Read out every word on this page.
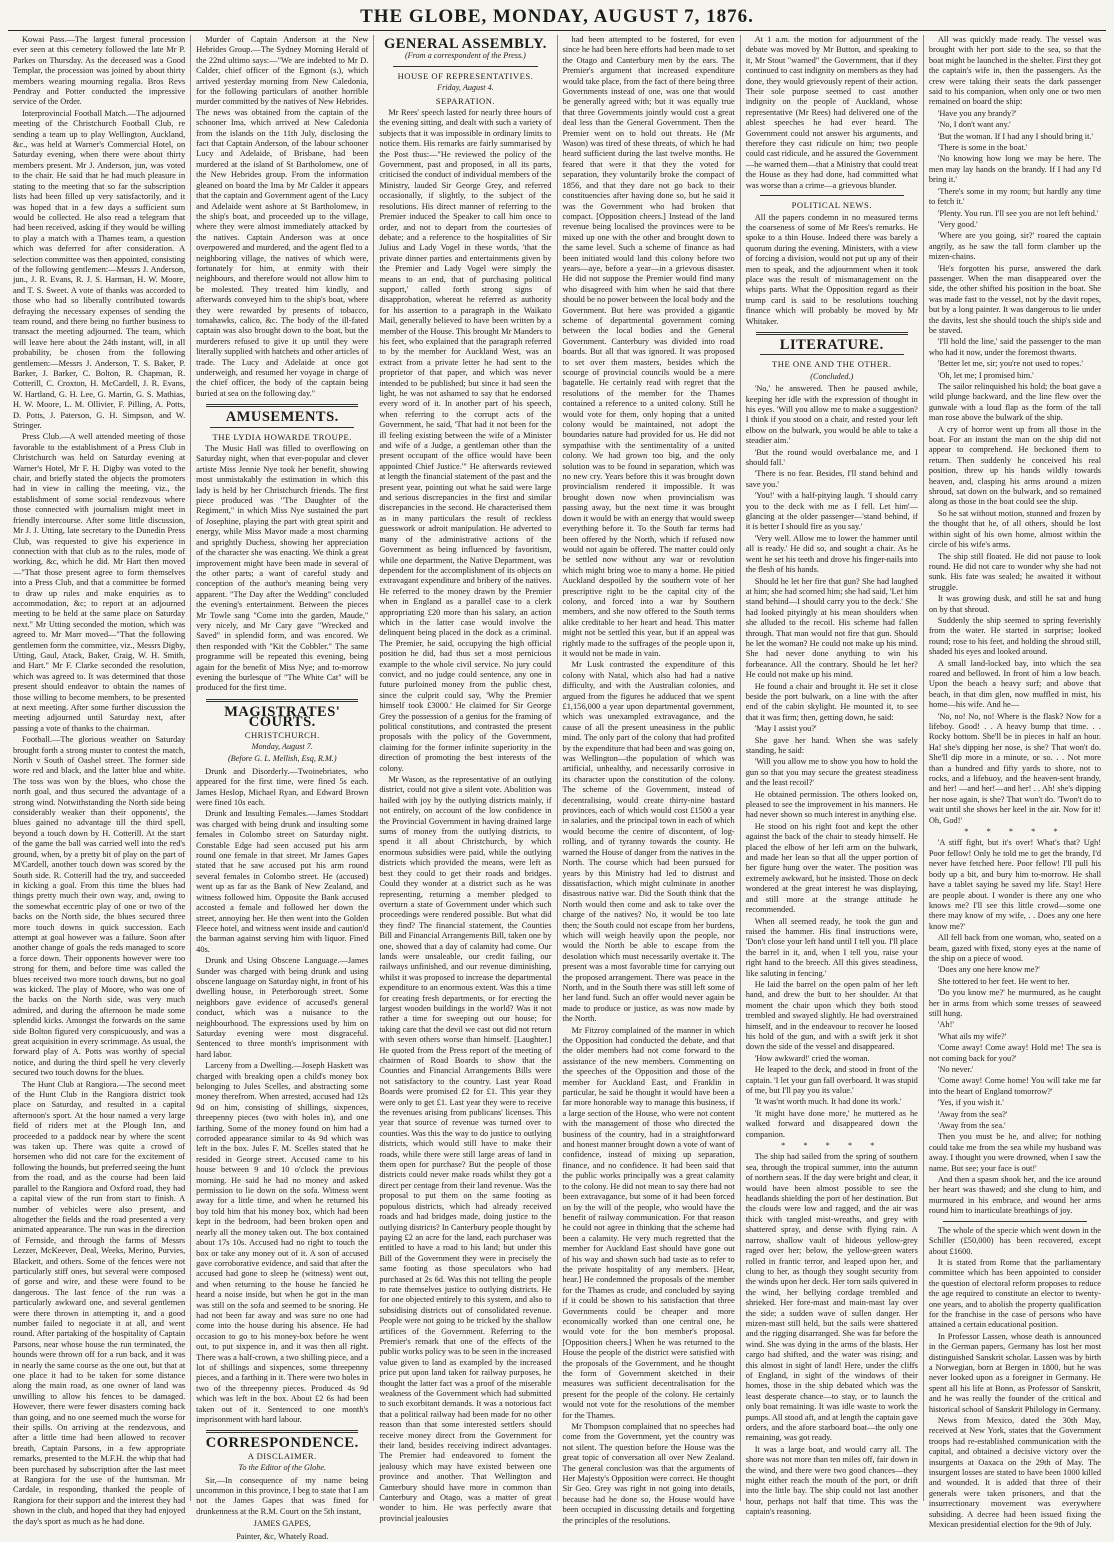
THE GLOBE, MONDAY, AUGUST 7, 1876.

Kowai Pass.—The largest funeral procession ever seen at this cemetery followed the late Mr P. Parkes on Thursday. As the deceased was a Good Templar, the procession was joined by about thirty members wearing mourning regalia. Bros Revs Pendray and Potter conducted the impressive service of the Order.

Interprovincial Football Match.—The adjourned meeting of the Christchurch Football Club, re sending a team up to play Wellington, Auckland, &c., was held at Warner's Commercial Hotel, on Saturday evening, when there were about thirty members present. Mr J. Anderson, jun, was voted to the chair. He said that he had much pleasure in stating to the meeting that so far the subscription lists had been filled up very satisfactorily, and it was hoped that in a few days a sufficient sum would be collected. He also read a telegram that had been received, asking if they would be willing to play a match with a Thames team, a question which was deferred for after consideration. A selection committee was then appointed, consisting of the following gentlemen:—Messrs J. Anderson, jun., J. R. Evans, R. J. S. Harman, H. W. Moore, and T. S. Sweet. A vote of thanks was accorded to those who had so liberally contributed towards defraying the necessary expenses of sending the team round, and there being no further business to transact the meeting adjourned. The team, which will leave here about the 24th instant, will, in all probability, be chosen from the following gentlemen:—Messrs J. Anderson, T. S. Baker, P. Barker, J. Barker, C. Bolton, R. Chapman, R. Cotterill, C. Croxton, H. McCardell, J. R. Evans, W. Hartland, G. H. Lee, G. Martin, G. S. Mathias, H. W. Moore, L. M. Ollivier, F. Pilling, A. Potts, D. Potts, J. Paterson, G. H. Simpson, and W. Stringer.

Press Club.—A well attended meeting of those favorable to the establishment of a Press Club in Christchurch was held on Saturday evening at Warner's Hotel, Mr F. H. Digby was voted to the chair, and briefly stated the objects the promoters had in view in calling the meeting, viz., the establishment of some social rendezvous where those connected with journalism might meet in friendly intercourse. After some little discussion, Mr J. J. Utting, late secretary to the Dunedin Press Club, was requested to give his experience in connection with that club as to the rules, mode of working, &c, which he did. Mr Hart then moved—"That those present agree to form themselves into a Press Club, and that a committee be formed to draw up rules and make enquiries as to accommodation, &c; to report at an adjourned meeting to be held at the same place on Saturday next." Mr Utting seconded the motion, which was agreed to. Mr Marr moved—"That the following gentlemen form the committee, viz., Messrs Digby, Utting, Gaul, Atack, Baker, Craig, W. H. Smith, and Hart." Mr F. Clarke seconded the resolution, which was agreed to. It was determined that those present should endeavor to obtain the names of those willing to become members, to be presented at next meeting. After some further discussion the meeting adjourned until Saturday next, after passing a vote of thanks to the chairman.

Football.—The glorious weather on Saturday brought forth a strong muster to contest the match, North v South of Oashel street. The former side wore red and black, and the latter blue and white. The toss was won by the blues, who chose the north goal, and thus secured the advantage of a strong wind. Notwithstanding the North side being considerably weaker than their opponents', the blues gained no advantage till the third spell, beyond a touch down by H. Cotterill. At the start of the game the ball was carried well into the red's ground, when, by a pretty bit of play on the part of M'Cardell, another touch down was scored by the South side. R. Cotterill had the try, and succeeded in kicking a goal. From this time the blues had things pretty much their own way, and, owing to the somewhat eccentric play of one or two of the backs on the North side, the blues secured three more touch downs in quick succession. Each attempt at goal however was a failure. Soon after another change of goals the reds managed to score a force down. Their opponents however were too strong for them, and before time was called the blues received two more touch downs, but no goal was kicked. The play of Moore, who was one of the backs on the North side, was very much admired, and during the afternoon he made some splendid kicks. Amongst the forwards on the same side Bolton figured very conspicuously, and was a great acquisition in every scrimmage. As usual, the forward play of A. Potts was worthy of special notice, and during the third spell he very cleverly secured two touch downs for the blues.

The Hunt Club at Rangiora.—The second meet of the Hunt Club in the Rangiora district took place on Saturday, and resulted in a capital afternoon's sport. At the hour named a very large field of riders met at the Plough Inn, and proceeded to a paddock near by where the scent was taken up. There was quite a crowd of horsemen who did not care for the excitement of following the hounds, but preferred seeing the hunt from the road, and as the course had been laid parallel to the Rangiora and Oxford road, they had a capital view of the run from start to finish. A number of vehicles were also present, and altogether the fields and the road presented a very animated appearance. The run was in the direction of Fernside, and through the farms of Messrs Lezzer, McKeever, Deal, Weeks, Merino, Purvies, Blackett, and others. Some of the fences were not particularly stiff ones, but several were composed of gorse and wire, and these were found to be dangerous. The last fence of the run was a particularly awkward one, and several gentlemen were there thrown in attempting it, and a good number failed to negociate it at all, and went round. After partaking of the hospitality of Captain Parsons, near whose house the run terminated, the hounds were thrown off for a run back, and it was in nearly the same course as the one out, but that at one place it had to be taken for some distance along the main road, as one owner of land was unwilling to allow his fences to be damaged. However, there were fewer disasters coming back than going, and no one seemed much the worse for their spills. On arriving at the rendezvous, and after a little time had been allowed to recover breath, Captain Parsons, in a few appropriate remarks, presented to the M.F.H. the whip that had been purchased by subscription after the last meet at Rangiora for the use of the huntsman. Mr Cardale, in responding, thanked the people of Rangiora for their support and the interest they had shown in the club, and hoped that they had enjoyed the day's sport as much as he had done.

Murder of Captain Anderson at the New Hebrides Group.—The Sydney Morning Herald of the 22nd ultimo says:—"We are indebted to Mr D. Calder, chief officer of the Egmont (s.), which arrived yesterday morning from New Caledonia, for the following particulars of another horrible murder committed by the natives of New Hebrides. The news was obtained from the captain of the schooner Ima, which arrived at New Caledonia from the islands on the 11th July, disclosing the fact that Captain Anderson, of the labour schooner Lucy and Adelaide, of Brisbane, had been murdered at the island of St Bartholomew, one of the New Hebrides group. From the information gleaned on board the Ima by Mr Calder it appears that the captain and Government agent of the Lucy and Adelaide went ashore at St Bartholomew, in the ship's boat, and proceeded up to the village, where they were almost immediately attacked by the natives. Captain Anderson was at once overpowered and murdered, and the agent fled to a neighboring village, the natives of which were, fortunately for him, at enmity with their neighbours, and therefore would not allow him to be molested. They treated him kindly, and afterwards conveyed him to the ship's boat, where they were rewarded by presents of tobacco, tomahawks, calico, &c. The body of the ill-fated captain was also brought down to the boat, but the murderers refused to give it up until they were literally supplied with hatchets and other articles of trade. The Lucy and Adelaide at once got underweigh, and resumed her voyage in charge of the chief officer, the body of the captain being buried at sea on the following day."

AMUSEMENTS.
THE LYDIA HOWARDE TROUPE.

The Music Hall was filled to overflowing on Saturday night, when that ever-popular and clever artiste Miss Jennie Nye took her benefit, showing most unmistakably the estimation in which this lady is held by her Christchurch friends. The first piece produced was "The Daughter of the Regiment," in which Miss Nye sustained the part of Josephine, playing the part with great spirit and energy, while Miss Mavor made a most charming and sprightly Duchess, showing her appreciation of the character she was enacting. We think a great improvement might have been made in several of the other parts; a want of careful study and conception of the author's meaning being very apparent. "The Day after the Wedding" concluded the evening's entertainment. Between the pieces Mr Towle sang "Come into the garden, Maude," very nicely, and Mr Cary gave "Wrecked and Saved" in splendid form, and was encored. We then responded with "Kit the Cobbler." The same programme will be repeated this evening, being again for the benefit of Miss Nye; and to-morrow evening the burlesque of "The White Cat" will be produced for the first time.

MAGISTRATES' COURTS.
CHRISTCHURCH.
Monday, August 7.
(Before G. L. Mellish, Esq, R.M.)

Drunk and Disorderly.—Twoinebriates, who appeared for the first time, were fined 5s each. James Heslop, Michael Ryan, and Edward Brown were fined 10s each.

Drunk and Insulting Females.—James Stoddart was charged with being drunk and insulting some females in Colombo street on Saturday night. Constable Edge had seen accused put his arm round one female in that street. Mr James Gapes stated that he saw accused put his arm round several females in Colombo street. He (accused) went up as far as the Bank of New Zealand, and witness followed him. Opposite the Bank accused accosted a female and followed her down the street, annoying her. He then went into the Golden Fleece hotel, and witness went inside and caution'd the barman against serving him with liquor. Fined 40s.

Drunk and Using Obscene Language.—James Sunder was charged with being drunk and using obscene language on Saturday night, in front of his dwelling house, in Peterborough street. Some neighbors gave evidence of accused's general conduct, which was a nuisance to the neighbourhood. The expressions used by him on Saturday evening were most disgraceful. Sentenced to three month's imprisonment with hard labor.

Larceny from a Dwelling.—Joseph Haskett was charged with breaking open a child's money box belonging to Jules Scelles, and abstracting some money therefrom. When arrested, accused had 12s 9d on him, consisting of shillings, sixpences, threepenny pieces (two with holes in), and one farthing. Some of the money found on him had a corroded appearance similar to 4s 9d which was left in the box. Jules F. M. Scelles stated that he resided in George street. Accused came to his house between 9 and 10 o'clock the previous morning. He said he had no money and asked permission to lie down on the sofa. Witness went away for a little time, and when he returned his boy told him that his money box, which had been kept in the bedroom, had been broken open and nearly all the money taken out. The box contained about 17s 10s. Accused had no right to touch the box or take any money out of it. A son of accused gave corroborative evidence, and said that after the accused had gone to sleep he (witness) went out, and when returning to the house he fancied he heard a noise inside, but when he got in the man was still on the sofa and seemed to be snoring. He had not been far away and was sure no one had come into the house during his absence. He had occasion to go to his money-box before he went out, to put sixpence in, and it was then all right. There was a half-crown, a two shilling piece, and a lot of shillings and sixpences, some threepenny pieces, and a farthing in it. There were two holes in two of the threepenny pieces. Produced 4s 9d which was left in the box. About £2 6s had been taken out of it. Sentenced to one month's imprisonment with hard labour.

CORRESPONDENCE.
A DISCLAIMER.
To the Editor of the Globe.

Sir,—In consequence of my name being uncommon in this province, I beg to state that I am not the James Gapes that was fined for drunkenness at the R.M. Court on the 5th instant,

JAMES GAPES,
Painter, &c, Whately Road.
GENERAL ASSEMBLY.
(From a correspondent of the Press.)
HOUSE OF REPRESENTATIVES.
Friday, August 4.
SEPARATION.

Mr Rees' speech lasted for nearly three hours of the evening sitting, and dealt with such a variety of subjects that it was impossible in ordinary limits to notice them. His remarks are fairly summarised by the Post thus:—"He reviewed the policy of the Government, past and proposed, in all its parts, criticised the conduct of individual members of the Ministry, lauded Sir George Grey, and referred occasionally, if slightly, to the subject of the resolutions. His direct manner of referring to the Premier induced the Speaker to call him once to order, and not to depart from the courtesies of debate; and a reference to the hospitalities of Sir Julius and Lady Vogel in these words, 'that the private dinner parties and entertainments given by the Premier and Lady Vogel were simply the means to an end, that of purchasing political support,' called forth strong signs of disapprobation, whereat he referred as authority for his assertion to a paragraph in the Waikato Mail, generally believed to have been written by a member of the House. This brought Mr Manders to his feet, who explained that the paragraph referred to by the member for Auckland West, was an extract from a private letter he had sent to the proprietor of that paper, and which was never intended to be published; but since it had seen the light, he was not ashamed to say that he endorsed every word of it. In another part of his speech, when referring to the corrupt acts of the Government, he said, 'That had it not been for the ill feeling existing between the wife of a Minister and wife of a Judge, a gentleman other than the present occupant of the office would have been appointed Chief Justice.'" He afterwards reviewed at length the financial statement of the past and the present year, pointing out what he said were large and serious discrepancies in the first and similar discrepancies in the second. He characterised them as in many particulars the result of reckless guesswork or adroit manipulation. He adverted to many of the administrative actions of the Government as being influenced by favoritism, while one department, the Native Department, was dependent for the accomplishment of its objects on extravagant expenditure and bribery of the natives. He referred to the money drawn by the Premier when in England as a parallel case to a clerk appropriating £20 more than his salary, an action which in the latter case would involve the delinquent being placed in the dock as a criminal. The Premier, he said, occupying the high official position he did, had thus set a most pernicious example to the whole civil service. No jury could convict, and no judge could sentence, any one in future purloined money from the public chest, since the culprit could say, 'Why the Premier himself took £3000.' He claimed for Sir George Grey the possession of a genius for the framing of political constitutions, and contrasted the present proposals with the policy of the Government, claiming for the former infinite superiority in the direction of promoting the best interests of the colony.

Mr Wason, as the representative of an outlying district, could not give a silent vote. Abolition was hailed with joy by the outlying districts mainly, if not entirely, on account of the low confidence in the Provincial Government in having drained large sums of money from the outlying districts, to spend it all about Christchurch, by which enormous subsidies were paid, while the outlying districts which provided the means, were left as best they could to get their roads and bridges. Could they wonder at a district such as he was representing, returning a member pledged to overturn a state of Government under which such proceedings were rendered possible. But what did they find? The financial statement, the Counties Bill and Financial Arrangements Bill, taken one by one, showed that a day of calamity had come. Our lands were unsaleable, our credit failing, our railways unfinished, and our revenue diminishing, whilst it was proposed to increase the departmental expenditure to an enormous extent. Was this a time for creating fresh departments, or for erecting the largest wooden buildings in the world? Was it not rather a time for sweeping out our house; for taking care that the devil we cast out did not return with seven others worse than himself. [Laughter.] He quoted from the Press report of the meeting of chairmen of Road Boards to show that the Counties and Financial Arrangements Bills were not satisfactory to the country. Last year Road Boards were promised £2 for £1. This year they were only to get £1. Last year they were to receive the revenues arising from publicans' licenses. This year that source of revenue was turned over to counties. Was this the way to do justice to outlying districts, which would still have to make their roads, while there were still large areas of land in them open for purchase? But the people of those districts could never make roads whilst they got a direct per centage from their land revenue. Was the proposal to put them on the same footing as populous districts, which had already received roads and had bridges made, doing justice to the outlying districts? In Canterbury people thought by paying £2 an acre for the land, each purchaser was entitled to have a road to his land; but under this Bill of the Government they were in precisely the same footing as those speculators who had purchased at 2s 6d. Was this not telling the people to rate themselves justice to outlying districts. He for one objected entirely to this system, and also to subsidising districts out of consolidated revenue. People were not going to be tricked by the shallow artifices of the Government. Referring to the Premier's remark that one of the effects of the public works policy was to be seen in the increased value given to land as exampled by the increased price put upon land taken for railway purposes, he thought the latter fact was a proof of the miserable weakness of the Government which had submitted to such exorbitant demands. It was a notorious fact that a political railway had been made for no other reason than that some interested settlers should receive money direct from the Government for their land, besides receiving indirect advantages. The Premier had endeavored to foment the jealousy which may have existed between one province and another. That Wellington and Canterbury should have more in common than Canterbury and Otago, was a matter of great wonder to him. He was perfectly aware that provincial jealousies

had been attempted to be fostered, for even since he had been here efforts had been made to set the Otago and Canterbury men by the ears. The Premier's argument that increased expenditure would take place, from the fact of there being three Governments instead of one, was one that would be generally agreed with; but it was equally true that three Governments jointly would cost a great deal less than the General Government. Then the Premier went on to hold out threats. He (Mr Wason) was tired of these threats, of which he had heard sufficient during the last twelve months. He feared that were it that they the voted for separation, they voluntarily broke the compact of 1856, and that they dare not go back to their constituencies after having done so, but he said it was the Government who had broken that compact. [Opposition cheers.] Instead of the land revenue being localised the provinces were to be mixed up one with the other and brought down to the same level. Such a scheme of finance as had been initiated would land this colony before two years—aye, before a year—in a grievous disaster. He did not suppose the Premier would find many who disagreed with him when he said that there should be no power between the local body and the Government. But here was provided a gigantic scheme of departmental government coming between the local bodies and the General Government. Canterbury was divided into road boards. But all that was ignored. It was proposed to set over them masters, besides which the scourge of provincial councils would be a mere bagatelle. He certainly read with regret that the resolutions of the member for the Thames contained a reference to a united colony. Still he would vote for them, only hoping that a united colony would be maintained, not adopt the boundaries nature had provided for us. He did not sympathise with the sentimentality of a united colony. We had grown too big, and the only solution was to be found in separation, which was no new cry. Years before this it was brought down provincialism rendered it impossible. It was brought down now when provincialism was passing away, but the next time it was brought down it would be with an energy that would sweep everything before it. To the South far terms had been offered by the North, which if refused now would not again be offered. The matter could only be settled now without any war or revolution which might bring woe to many a home. He pitied Auckland despoiled by the southern vote of her prescriptive right to be the capital city of the colony, and forced into a war by Southern members, and she now offered to the South terms alike creditable to her heart and head. This matter might not be settled this year, but if an appeal was rightly made to the suffrages of the people upon it, it would not be made in vain.

Mr Lusk contrasted the expenditure of this colony with Natal, which also had had a native difficulty, and with the Australian colonies, and argued from the figures he adduced that we spent £1,156,000 a year upon departmental government, which was unexampled extravagance, and the cause of all the present uneasiness in the public mind. The only part of the colony that had profited by the expenditure that had been and was going on, was Wellington—the population of which was artificial, unhealthy, and necessarily corrosive in its character upon the constitution of the colony. The scheme of the Government, instead of decentralising, would create thirty-nine bastard provinces, each of which would cost £1500 a year in salaries, and the principal town in each of which would become the centre of discontent, of log-rolling, and of tyranny towards the county. He warned the House of danger from the natives in the North. The course which had been pursued for years by this Ministry had led to distrust and dissatisfaction, which might culminate in another disastrous native war. Did the South think that the North would then come and ask to take over the charge of the natives? No, it would be too late then; the South could not escape from her burdens, which will weigh heavily upon the people, nor would the North be able to escape from the desolation which must necessarily overtake it. The present was a most favorable time for carrying out the proposed arrangement. There was peace in the North, and in the South there was still left some of her land fund. Such an offer would never again be made to produce or justice, as was now made by the North.

Mr Fitzroy complained of the manner in which the Opposition had conducted the debate, and that the older members had not come forward to the assistance of the new members. Commenting on the speeches of the Opposition and those of the member for Auckland East, and Franklin in particular, he said he thought it would have been a far more honorable way to manage this business, if a large section of the House, who were not content with the management of those who directed the business of the country, had in a straightforward and honest manner brought down a vote of want of confidence, instead of mixing up separation, finance, and no confidence. It had been said that the public works principally was a great calamity to the colony. He did not mean to say there had not been extravagance, but some of it had been forced on by the will of the people, who would have the benefit of railway communication. For that reason he could not agree in thinking that the scheme had been a calamity. He very much regretted that the member for Auckland East should have gone out of his way and shown such bad taste as to refer to the private hospitality of any members. [Hear, hear.] He condemned the proposals of the member for the Thames as crude, and concluded by saying if it could be shown to his satisfaction that three Governments could be cheaper and more economically worked than one central one, he would vote for the bon member's proposal. [Opposition cheers.] When he was returned to the House the people of the district were satisfied with the proposals of the Government, and he thought the form of Government sketched in their measures was sufficient decentralisation for the present for the people of the colony. He certainly would not vote for the resolutions of the member for the Thames.

Mr Thompson complained that no speeches had come from the Government, yet the country was not silent. The question before the House was the great topic of conversation all over New Zealand. The general conclusion was that the arguments of Her Majesty's Opposition were correct. He thought Sir Geo. Grey was right in not going into details, because had he done so, the House would have been occupied in discussing details and forgetting the principles of the resolutions.

At 1 a.m. the motion for adjournment of the debate was moved by Mr Button, and speaking to it, Mr Stout "warned" the Government, that if they continued to cast indignity on members as they had done, they would grievously repent of their action. Their sole purpose seemed to cast another indignity on the people of Auckland, whose representative (Mr Rees) had delivered one of the ablest speeches he had ever heard. The Government could not answer his arguments, and therefore they cast ridicule on him; two people could cast ridicule, and he assured the Government—he warned them—that a Ministry that could treat the House as they had done, had committed what was worse than a crime—a grievous blunder.

POLITICAL NEWS.

All the papers condemn in no measured terms the coarseness of some of Mr Rees's remarks. He spoke to a thin House. Indeed there was barely a quorum during the evening. Ministers, with a view of forcing a division, would not put up any of their men to speak, and the adjournment when it took place was the result of mismanagement on the whips parts. What the Opposition regard as their trump card is said to be resolutions touching finance which will probably be moved by Mr Whitaker.

LITERATURE.
THE ONE AND THE OTHER.
(Concluded.)

'No,' he answered. Then he paused awhile, keeping her idle with the expression of thought in his eyes. 'Will you allow me to make a suggestion? I think if you stood on a chair, and rested your left elbow on the bulwark, you would be able to take a steadier aim.'

'But the round would overbalance me, and I should fall.'

'There is no fear. Besides, I'll stand behind and save you.'

'You!' with a half-pitying laugh. 'I should carry you to the deck with me as I fell. Let him'—glancing at the older passenger—'stand behind, if it is better I should fire as you say.'

'Very well. Allow me to lower the hammer until all is ready.' He did so, and sought a chair. As he went he set his teeth and drove his finger-nails into the flesh of his hands.

Should he let her fire that gun? She had laughed at him; she had scorned him; she had said, 'Let him stand behind—I should carry you to the deck.' She had looked pityingly at his mean shoulders when she alluded to the recoil. His scheme had fallen through. That man would not fire that gun. Should he let the woman? He could not make up his mind. She had never done anything to win his forbearance. All the contrary. Should he let her? He could not make up his mind.

He found a chair and brought it. He set it close beside the port bulwark, on a line with the after end of the cabin skylight. He mounted it, to see that it was firm; then, getting down, he said:

'May I assist you?'

She gave her hand. When she was safely standing, he said:

'Will you allow me to show you how to hold the gun so that you may secure the greatest steadiness and the least recoil?'

He obtained permission. The others looked on, pleased to see the improvement in his manners. He had never shown so much interest in anything else.

He stood on his right foot and kept the other against the back of the chair to steady himself. He placed the elbow of her left arm on the bulwark, and made her lean so that all the upper portion of her figure hung over the water. The position was extremely awkward, but he insisted. Those on deck wondered at the great interest he was displaying, and still more at the strange attitude he recommended.

When all seemed ready, he took the gun and raised the hammer. His final instructions were, 'Don't close your left hand until I tell you. I'll place the barrel in it, and, when I tell you, raise your right hand to the breech. All this gives steadiness, like saluting in fencing.'

He laid the barrel on the open palm of her left hand, and drew the butt to her shoulder. At that moment the chair upon which they both stood trembled and swayed slightly. He had overstrained himself, and in the endeavour to recover he loosed his hold of the gun, and with a swift jerk it shot down the side of the vessel and disappeared.

'How awkward!' cried the woman.

He leaped to the deck, and stood in front of the captain. 'I let your gun fall overboard. It was stupid of me, but I'll pay you its value.'

'It was'nt worth much. It had done its work.'

'It might have done more,' he muttered as he walked forward and disappeared down the companion.

* * * * *

The ship had sailed from the spring of southern sea, through the tropical summer, into the autumn of northern seas. If the day were bright and clear, it would have been almost possible to see the headlands shielding the port of her destination. But the clouds were low and ragged, and the air was thick with tangled mist-wreaths, and grey with shattered spray, and dense with flying rain. A narrow, shallow vault of hideous yellow-grey raged over her; below, the yellow-green waters rolled in frantic terror, and leaped upon her, and clung to her, as though they sought security from the winds upon her deck. Her torn sails quivered in the wind, her bellying cordage trembled and shrieked. Her fore-mast and main-mast lay over the side; a sudden wave of sullen danger. Her mizen-mast still held, but the sails were shattered and the rigging disarranged. She was far before the wind. She was dying in the arms of the blasts. Her cargo had shifted, and the water was rising; and this almost in sight of land! Here, under the cliffs of England, in sight of the windows of their homes, those in the ship debated which was the least desperate chance—to stay, or to launch the only boat remaining. It was idle waste to work the pumps. All stood aft, and at length the captain gave orders, and the afore starboard boat—the only one remaining, was got ready.

It was a large boat, and would carry all. The shore was not more than ten miles off, fair down in the wind, and there were two good chances—they might either reach the mouth of the port, or drift into the little bay. The ship could not last another hour, perhaps not half that time. This was the captain's reasoning.

All was quickly made ready. The vessel was brought with her port side to the sea, so that the boat might be launched in the shelter. First they got the captain's wife in, then the passengers. As the crew were taking their seats the dark passenger said to his companion, when only one or two men remained on board the ship:

'Have you any brandy?'

'No, I don't want any.'

'But the woman. If I had any I should bring it.'

'There is some in the boat.'

'No knowing how long we may be here. The men may lay hands on the brandy. If I had any I'd bring it.'

'There's some in my room; but hardly any time to fetch it.'

'Plenty. You run. I'll see you are not left behind.'

'Very good.'

'Where are you going, sir?' roared the captain angrily, as he saw the tall form clamber up the mizen-chains.

'He's forgotten his purse, answered the dark passenger. When the man disappeared over the side, the other shifted his position in the boat. She was made fast to the vessel, not by the davit ropes, but by a long painter. It was dangerous to lie under the davits, lest she should touch the ship's side and be staved.

'I'll hold the line,' said the passenger to the man who had it now, under the foremost thwarts.

'Better let me, sir; you're not used to ropes.'

'Oh, let me; I promised him.'

The sailor relinquished his hold; the boat gave a wild plunge backward, and the line flew over the gunwale with a loud flap as the form of the tall man rose above the bulwark of the ship.

A cry of horror went up from all those in the boat. For an instant the man on the ship did not appear to comprehend. He beckoned them to return. Then suddenly he conceived his real position, threw up his hands wildly towards heaven, and, clasping his arms around a mizen shroud, sat down on the bulwark, and so remained along as those in the boat could see the ship.

So he sat without motion, stunned and frozen by the thought that he, of all others, should be lost within sight of his own home, almost within the circle of his wife's arms.

The ship still floated. He did not pause to look round. He did not care to wonder why she had not sunk. His fate was sealed; he awaited it without struggle.

It was growing dusk, and still he sat and hung on by that shroud.

Suddenly the ship seemed to spring feverishly from the water. He started in surprise; looked round; rose to his feet, and holding the shroud still, shaded his eyes and looked around.

A small land-locked bay, into which the sea roared and bellowed. In front of him a low beach. Upon the beach a heavy surf; and above that beach, in that dim glen, now muffled in mist, his home—his wife. And he—

'No, no! No, no! Where is the flask? Now for a lifeboy. Good! . . A heavy bump that time. . . Rocky bottom. She'll be in pieces in half an hour. Ha! she's dipping her nose, is she? That won't do. She'll dip more in a minute, or so. . . Not more than a hundred and fifty yards to shore, not to rocks, and a lifebuoy, and the heaven-sent brandy, and her! —and her!—and her! . . Ah! she's dipping her nose again, is she? That won't do. 'Twon't do to wait until she shows her keel in the air. Now for it! Oh, God!'

* * * * *

'A stiff fight, but it's over! What's that? Ugh! Poor fellow! Only he told me to get the brandy, I'd never have fetched here. Poor fellow! I'll pull his body up a bit, and bury him to-morrow. He shall have a tablet saying he saved my life. Stay! Here are people about. I wonder is there any one who knows me? I'll see this little crowd—some one there may know of my wife, . . Does any one here know me?'

All fell back from one woman, who, seated on a beam, gazed with fixed, stony eyes at the name of the ship on a piece of wood.

'Does any one here know me?'

She tottered to her feet. He went to her.

'Do you know me?' he murmured, as he caught her in arms from which some tresses of seaweed still hung.

'Ah!'

'What ails my wife?'

'Come away! Come away! Hold me! The sea is not coming back for you?'

'No never.'

'Come away! Come home! You will take me far into the heart of England tomorrow?'

'Yes, if you wish it.'

'Away from the sea?'

'Away from the sea.'

Then you must be he, and alive; for nothing could take me from the sea while my husband was away. I thought you were drowned, when I saw the name. But see; your face is out!'

And then a spasm shook her, and the ice around her heart was thawed; and she clung to him, and murmured in his embrace, and wound her arms round him to inarticulate breathings of joy.

The whole of the specie which went down in the Schiller (£50,000) has been recovered, except about £1600.

It is stated from Rome that the parliamentary committee which has been appointed to consider the question of electoral reform proposes to reduce the age required to constitute an elector to twenty-one years, and to abolish the property qualification for the franchise in the case of persons who have attained a certain educational position.

In Professor Lassen, whose death is announced in the German papers, Germany has lost her most distinguished Sanskrit scholar. Lassen was by birth a Norwegian, born at Bergen in 1800, but he was never looked upon as a foreigner in Germany. He spent all his life at Bonn, as Professor of Sanskrit, and he was really the founder of the critical and historical school of Sanskrit Philology in Germany.

News from Mexico, dated the 30th May, received at New York, states that the Government troops had re-established communication with the capital, and obtained a decisive victory over the insurgents at Oaxaca on the 29th of May. The insurgent losses are stated to have been 1000 killed and wounded. It is added that three of their generals were taken prisoners, and that the insurrectionary movement was everywhere subsiding. A decree had been issued fixing the Mexican presidential election for the 9th of July.
